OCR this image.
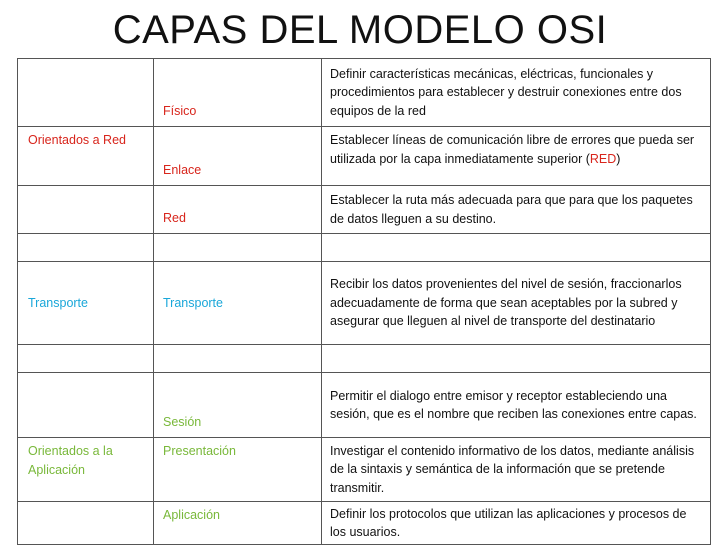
CAPAS DEL MODELO OSI
	Físico	Definir características mecánicas, eléctricas, funcionales y procedimientos para establecer y destruir conexiones entre dos equipos de la red
Orientados a Red	Enlace	Establecer líneas de comunicación libre de errores que pueda ser utilizada por la capa inmediatamente superior (RED)
	Red	Establecer la ruta más adecuada para que para que los paquetes de datos lleguen a su destino.

Transporte	Transporte	Recibir los datos provenientes del nivel de sesión, fraccionarlos adecuadamente de forma que sean aceptables por la subred y asegurar que lleguen al nivel de transporte del destinatario

	Sesión	Permitir el dialogo entre emisor y receptor estableciendo una sesión, que es el nombre que reciben las conexiones entre capas.
Orientados a la Aplicación	Presentación	Investigar el contenido informativo de los datos, mediante análisis de la sintaxis y semántica de la información que se pretende transmitir.
	Aplicación	Definir los protocolos que utilizan las aplicaciones y procesos de los usuarios.
